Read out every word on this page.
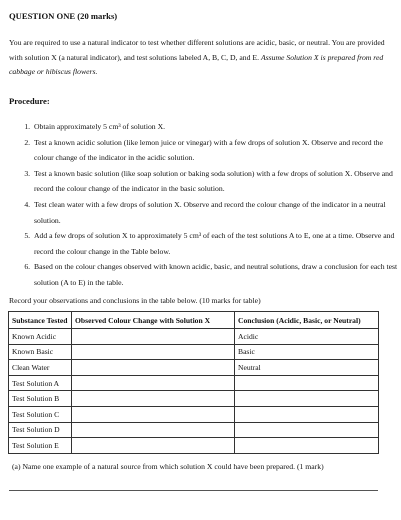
QUESTION ONE (20 marks)
You are required to use a natural indicator to test whether different solutions are acidic, basic, or neutral. You are provided with solution X (a natural indicator), and test solutions labeled A, B, C, D, and E. Assume Solution X is prepared from red cabbage or hibiscus flowers.
Procedure:
1. Obtain approximately 5 cm³ of solution X.
2. Test a known acidic solution (like lemon juice or vinegar) with a few drops of solution X. Observe and record the colour change of the indicator in the acidic solution.
3. Test a known basic solution (like soap solution or baking soda solution) with a few drops of solution X. Observe and record the colour change of the indicator in the basic solution.
4. Test clean water with a few drops of solution X. Observe and record the colour change of the indicator in a neutral solution.
5. Add a few drops of solution X to approximately 5 cm³ of each of the test solutions A to E, one at a time. Observe and record the colour change in the Table below.
6. Based on the colour changes observed with known acidic, basic, and neutral solutions, draw a conclusion for each test solution (A to E) in the table.
Record your observations and conclusions in the table below. (10 marks for table)
Substance Tested	Observed Colour Change with Solution X	Conclusion (Acidic, Basic, or Neutral)
Known Acidic		Acidic
Known Basic		Basic
Clean Water		Neutral
Test Solution A		
Test Solution B		
Test Solution C		
Test Solution D		
Test Solution E		
(a) Name one example of a natural source from which solution X could have been prepared. (1 mark)
